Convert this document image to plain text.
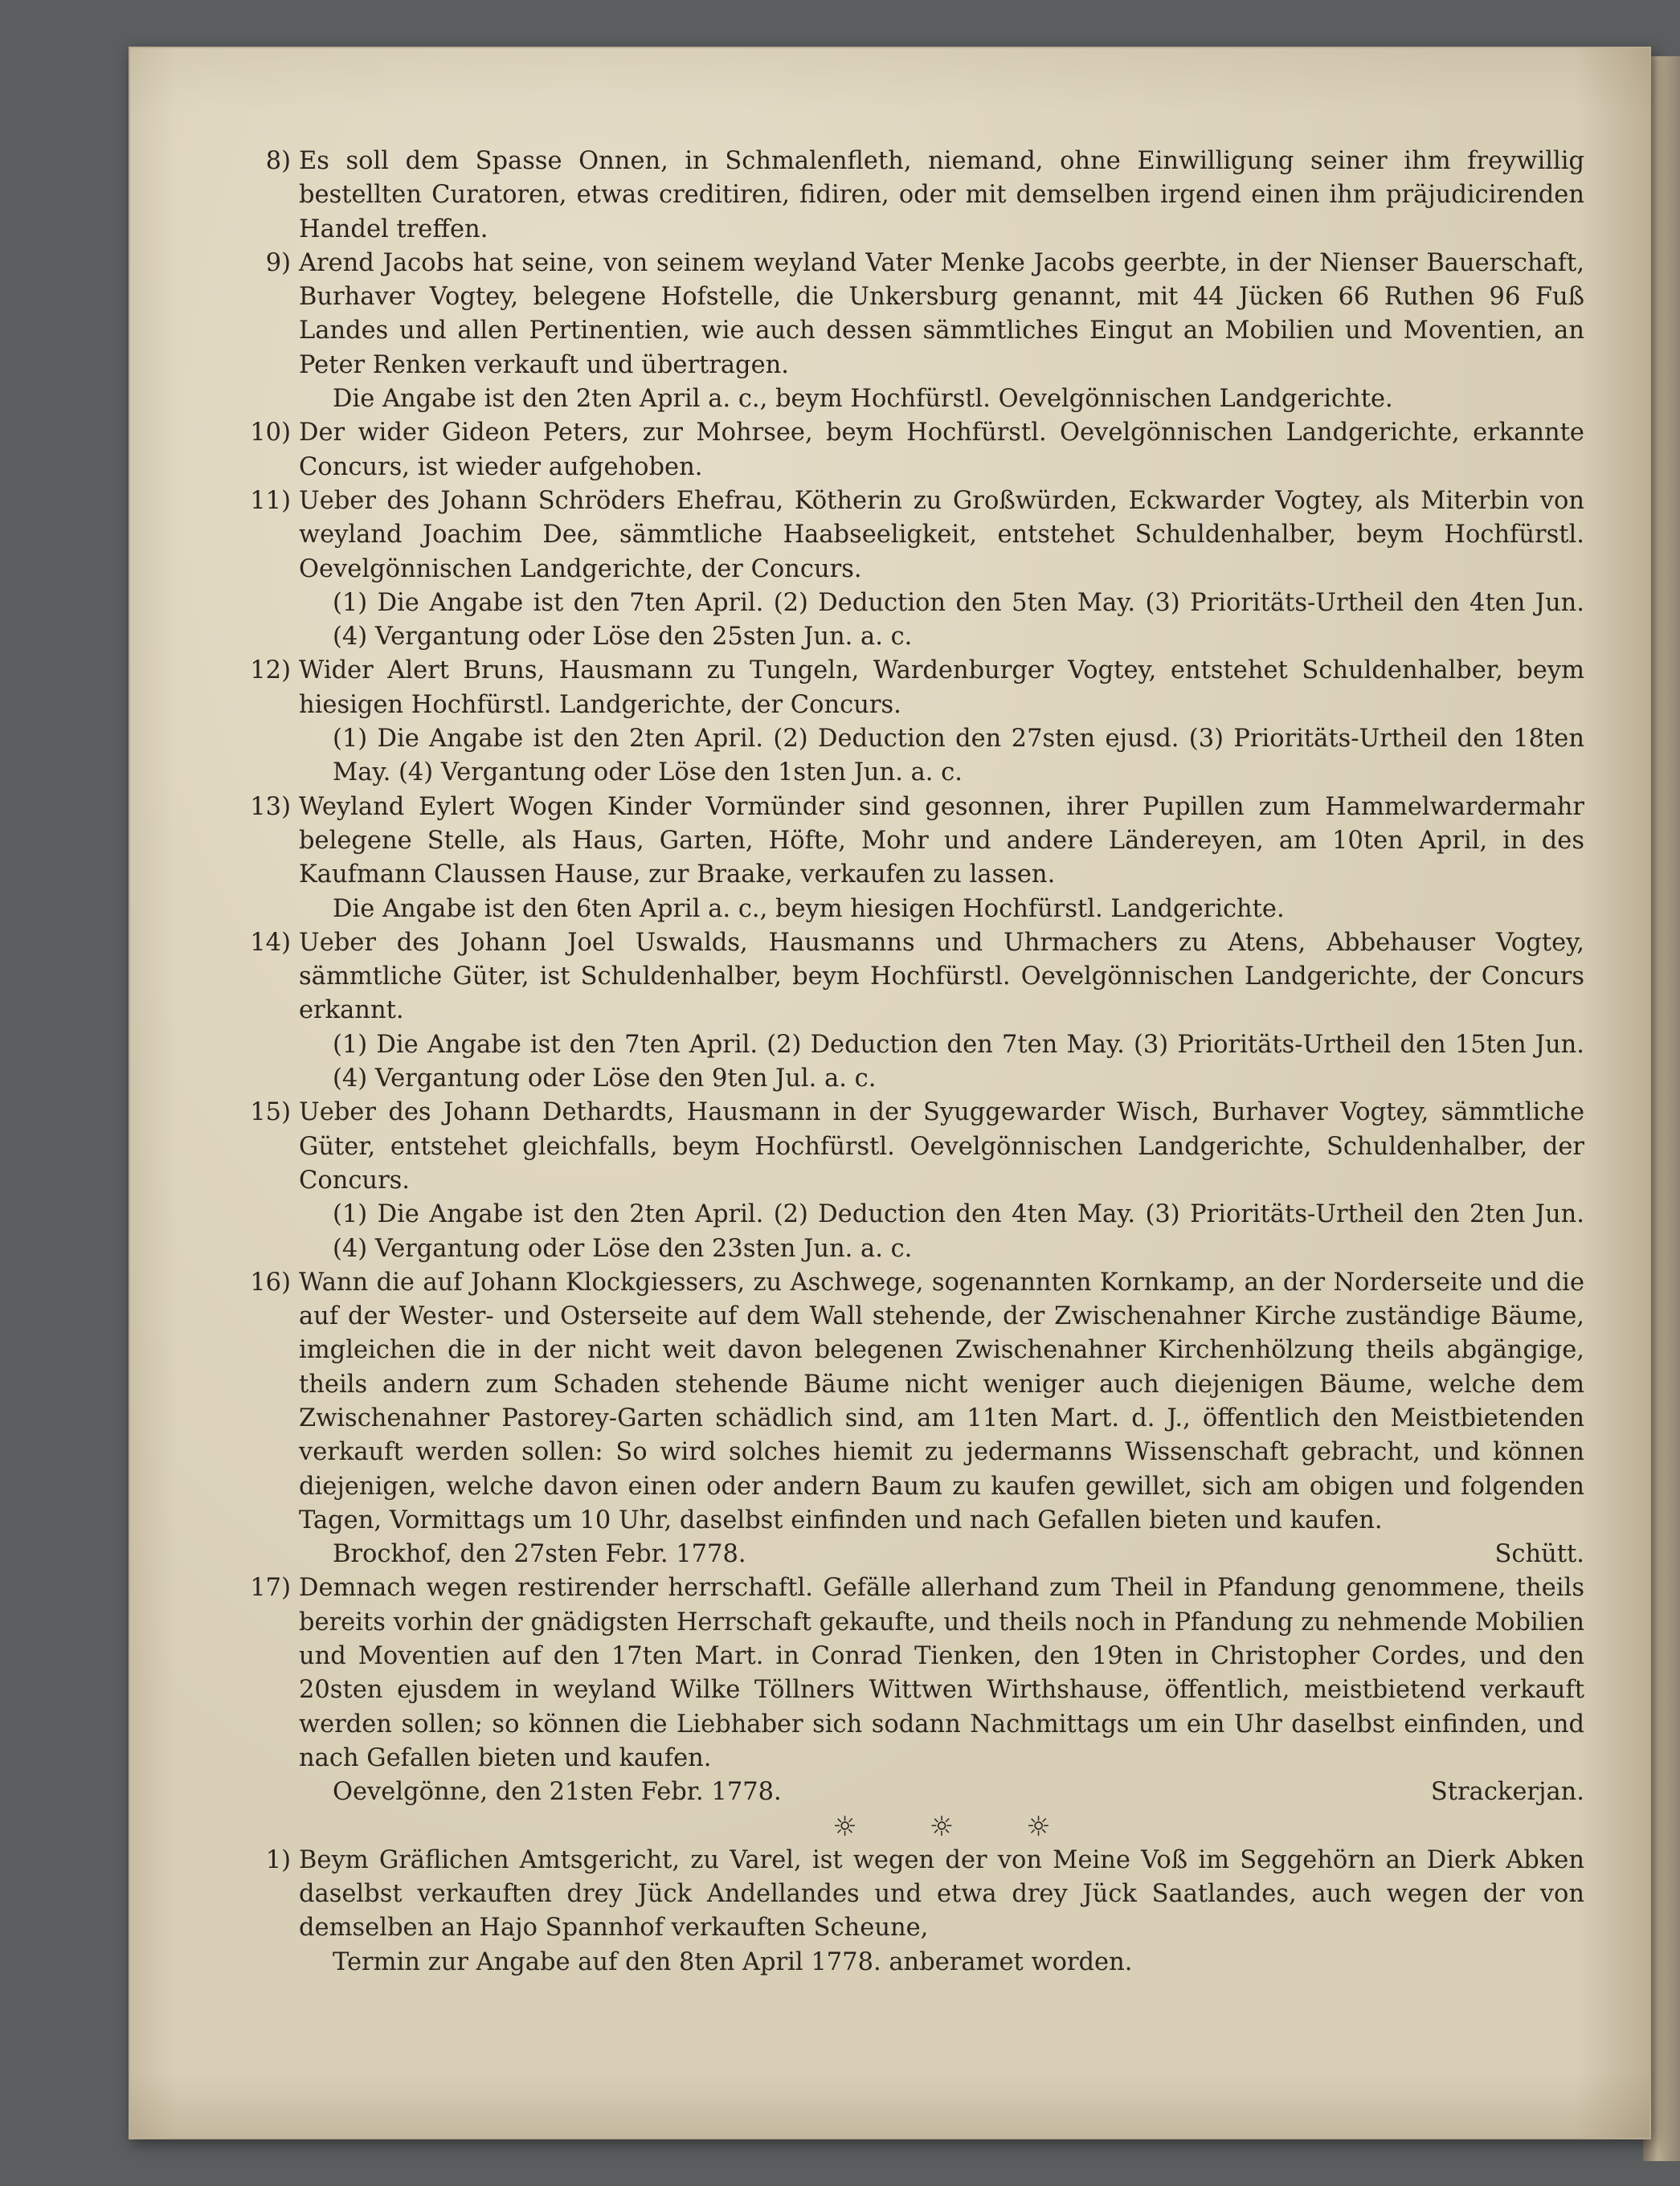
8) Es soll dem Spasse Onnen, in Schmalenfleth, niemand, ohne Einwilligung seiner ihm freywillig bestellten Curatoren, etwas creditiren, fidiren, oder mit demselben irgend einen ihm präjudicirenden Handel treffen.
9) Arend Jacobs hat seine, von seinem weyland Vater Menke Jacobs geerbte, in der Nienser Bauerschaft, Burhaver Vogtey, belegene Hofstelle, die Unkersburg genannt, mit 44 Jücken 66 Ruthen 96 Fuß Landes und allen Pertinentien, wie auch dessen sämmtliches Eingut an Mobilien und Moventien, an Peter Renken verkauft und übertragen.
Die Angabe ist den 2ten April a. c., beym Hochfürstl. Oevelgönnischen Landgerichte.
10) Der wider Gideon Peters, zur Mohrsee, beym Hochfürstl. Oevelgönnischen Landgerichte, erkannte Concurs, ist wieder aufgehoben.
11) Ueber des Johann Schröders Ehefrau, Kötherin zu Großwürden, Eckwarder Vogtey, als Miterbin von weyland Joachim Dee, sämmtliche Haabseeligkeit, entstehet Schuldenhalber, beym Hochfürstl. Oevelgönnischen Landgerichte, der Concurs.
(1) Die Angabe ist den 7ten April. (2) Deduction den 5ten May. (3) Prioritäts-Urtheil den 4ten Jun. (4) Vergantung oder Löse den 25sten Jun. a. c.
12) Wider Alert Bruns, Hausmann zu Tungeln, Wardenburger Vogtey, entstehet Schuldenhalber, beym hiesigen Hochfürstl. Landgerichte, der Concurs.
(1) Die Angabe ist den 2ten April. (2) Deduction den 27sten ejusd. (3) Prioritäts-Urtheil den 18ten May. (4) Vergantung oder Löse den 1sten Jun. a. c.
13) Weyland Eylert Wogen Kinder Vormünder sind gesonnen, ihrer Pupillen zum Hammelwardermahr belegene Stelle, als Haus, Garten, Höfte, Mohr und andere Ländereyen, am 10ten April, in des Kaufmann Claussen Hause, zur Braake, verkaufen zu lassen.
Die Angabe ist den 6ten April a. c., beym hiesigen Hochfürstl. Landgerichte.
14) Ueber des Johann Joel Uswalds, Hausmanns und Uhrmachers zu Atens, Abbehauser Vogtey, sämmtliche Güter, ist Schuldenhalber, beym Hochfürstl. Oevelgönnischen Landgerichte, der Concurs erkannt.
(1) Die Angabe ist den 7ten April. (2) Deduction den 7ten May. (3) Prioritäts-Urtheil den 15ten Jun. (4) Vergantung oder Löse den 9ten Jul. a. c.
15) Ueber des Johann Dethardts, Hausmann in der Syuggewarder Wisch, Burhaver Vogtey, sämmtliche Güter, entstehet gleichfalls, beym Hochfürstl. Oevelgönnischen Landgerichte, Schuldenhalber, der Concurs.
(1) Die Angabe ist den 2ten April. (2) Deduction den 4ten May. (3) Prioritäts-Urtheil den 2ten Jun. (4) Vergantung oder Löse den 23sten Jun. a. c.
16) Wann die auf Johann Klockgiessers, zu Aschwege, sogenannten Kornkamp, an der Norderseite und die auf der Wester- und Osterseite auf dem Wall stehende, der Zwischenahner Kirche zuständige Bäume, imgleichen die in der nicht weit davon belegenen Zwischenahner Kirchenhölzung theils abgängige, theils andern zum Schaden stehende Bäume nicht weniger auch diejenigen Bäume, welche dem Zwischenahner Pastorey-Garten schädlich sind, am 11ten Mart. d. J., öffentlich den Meistbietenden verkauft werden sollen: So wird solches hiemit zu jedermanns Wissenschaft gebracht, und können diejenigen, welche davon einen oder andern Baum zu kaufen gewillet, sich am obigen und folgenden Tagen, Vormittags um 10 Uhr, daselbst einfinden und nach Gefallen bieten und kaufen.
Brockhof, den 27sten Febr. 1778.	Schütt.
17) Demnach wegen restirender herrschaftl. Gefälle allerhand zum Theil in Pfandung genommene, theils bereits vorhin der gnädigsten Herrschaft gekaufte, und theils noch in Pfandung zu nehmende Mobilien und Moventien auf den 17ten Mart. in Conrad Tienken, den 19ten in Christopher Cordes, und den 20sten ejusdem in weyland Wilke Töllners Wittwen Wirthshause, öffentlich, meistbietend verkauft werden sollen; so können die Liebhaber sich sodann Nachmittags um ein Uhr daselbst einfinden, und nach Gefallen bieten und kaufen.
Oevelgönne, den 21sten Febr. 1778.	Strackerjan.
☼☼☼
1) Beym Gräflichen Amtsgericht, zu Varel, ist wegen der von Meine Voß im Seggehörn an Dierk Abken daselbst verkauften drey Jück Andellandes und etwa drey Jück Saatlandes, auch wegen der von demselben an Hajo Spannhof verkauften Scheune,
Termin zur Angabe auf den 8ten April 1778. anberamet worden.
